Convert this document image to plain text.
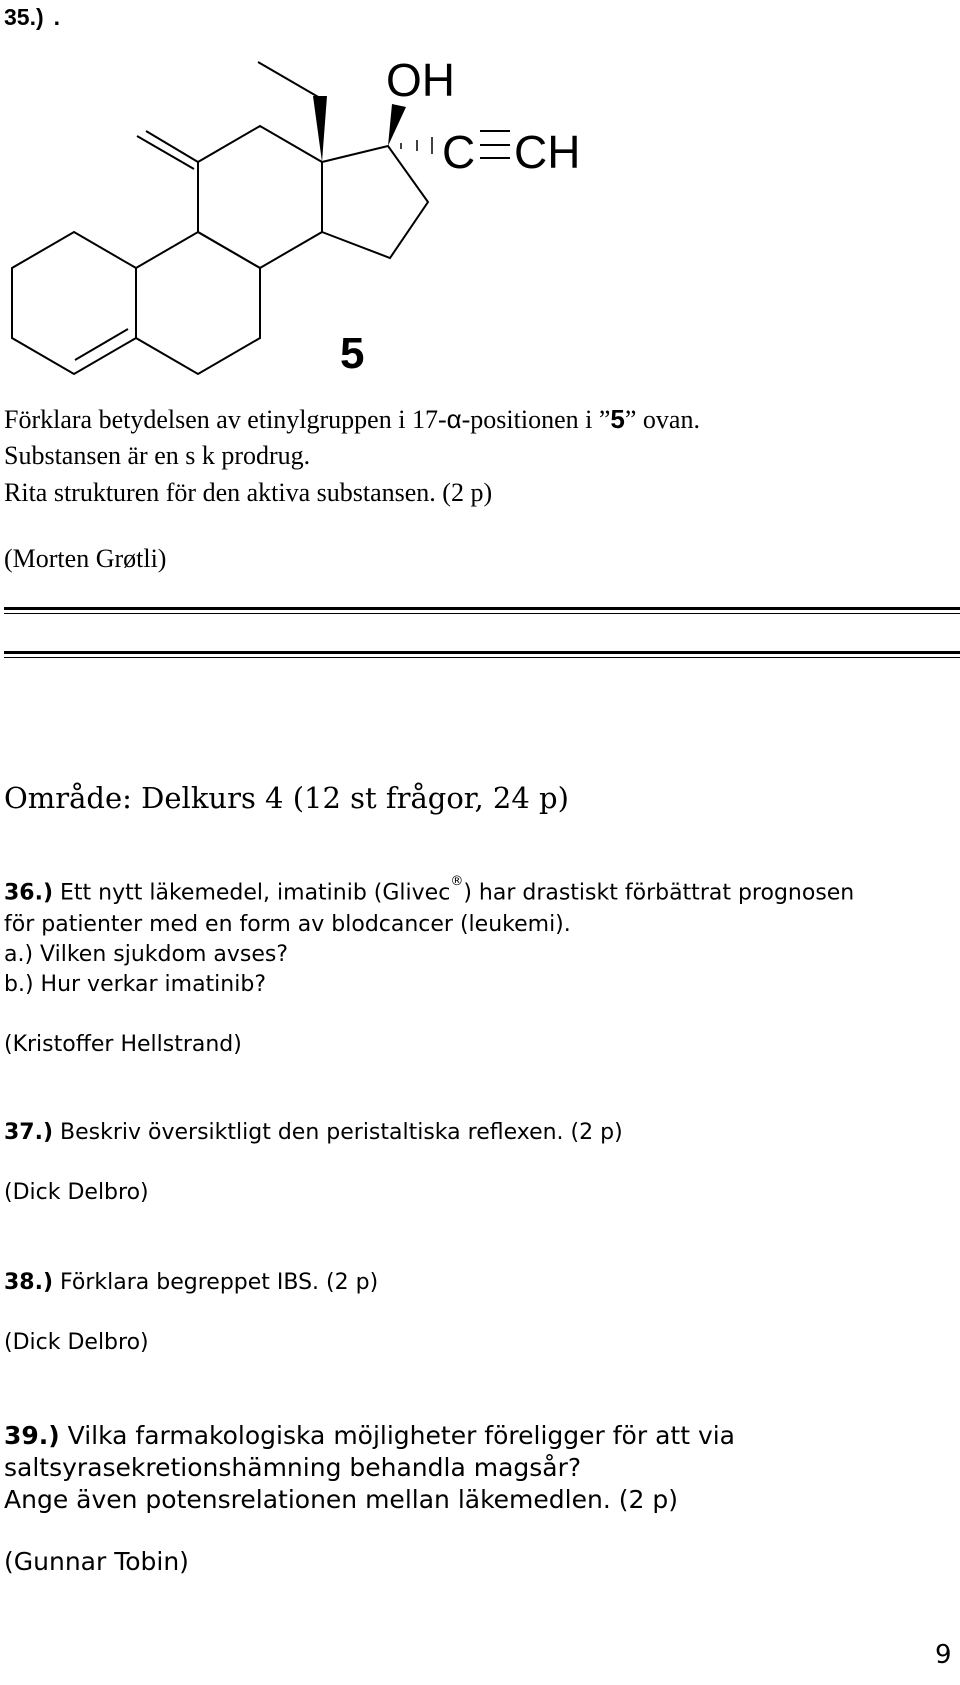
35.) .
OH
C CH
5
Förklara betydelsen av etinylgruppen i 17-α-positionen i ”5” ovan.
Substansen är en s k prodrug.
Rita strukturen för den aktiva substansen. (2 p)
(Morten Grøtli)
Område: Delkurs 4 (12 st frågor, 24 p)
36.) Ett nytt läkemedel, imatinib (Glivec®) har drastiskt förbättrat prognosen
för patienter med en form av blodcancer (leukemi).
a.) Vilken sjukdom avses?
b.) Hur verkar imatinib?
(Kristoffer Hellstrand)
37.) Beskriv översiktligt den peristaltiska reflexen. (2 p)
(Dick Delbro)
38.) Förklara begreppet IBS. (2 p)
(Dick Delbro)
39.) Vilka farmakologiska möjligheter föreligger för att via
saltsyrasekretionshämning behandla magsår?
Ange även potensrelationen mellan läkemedlen. (2 p)
(Gunnar Tobin)
9
